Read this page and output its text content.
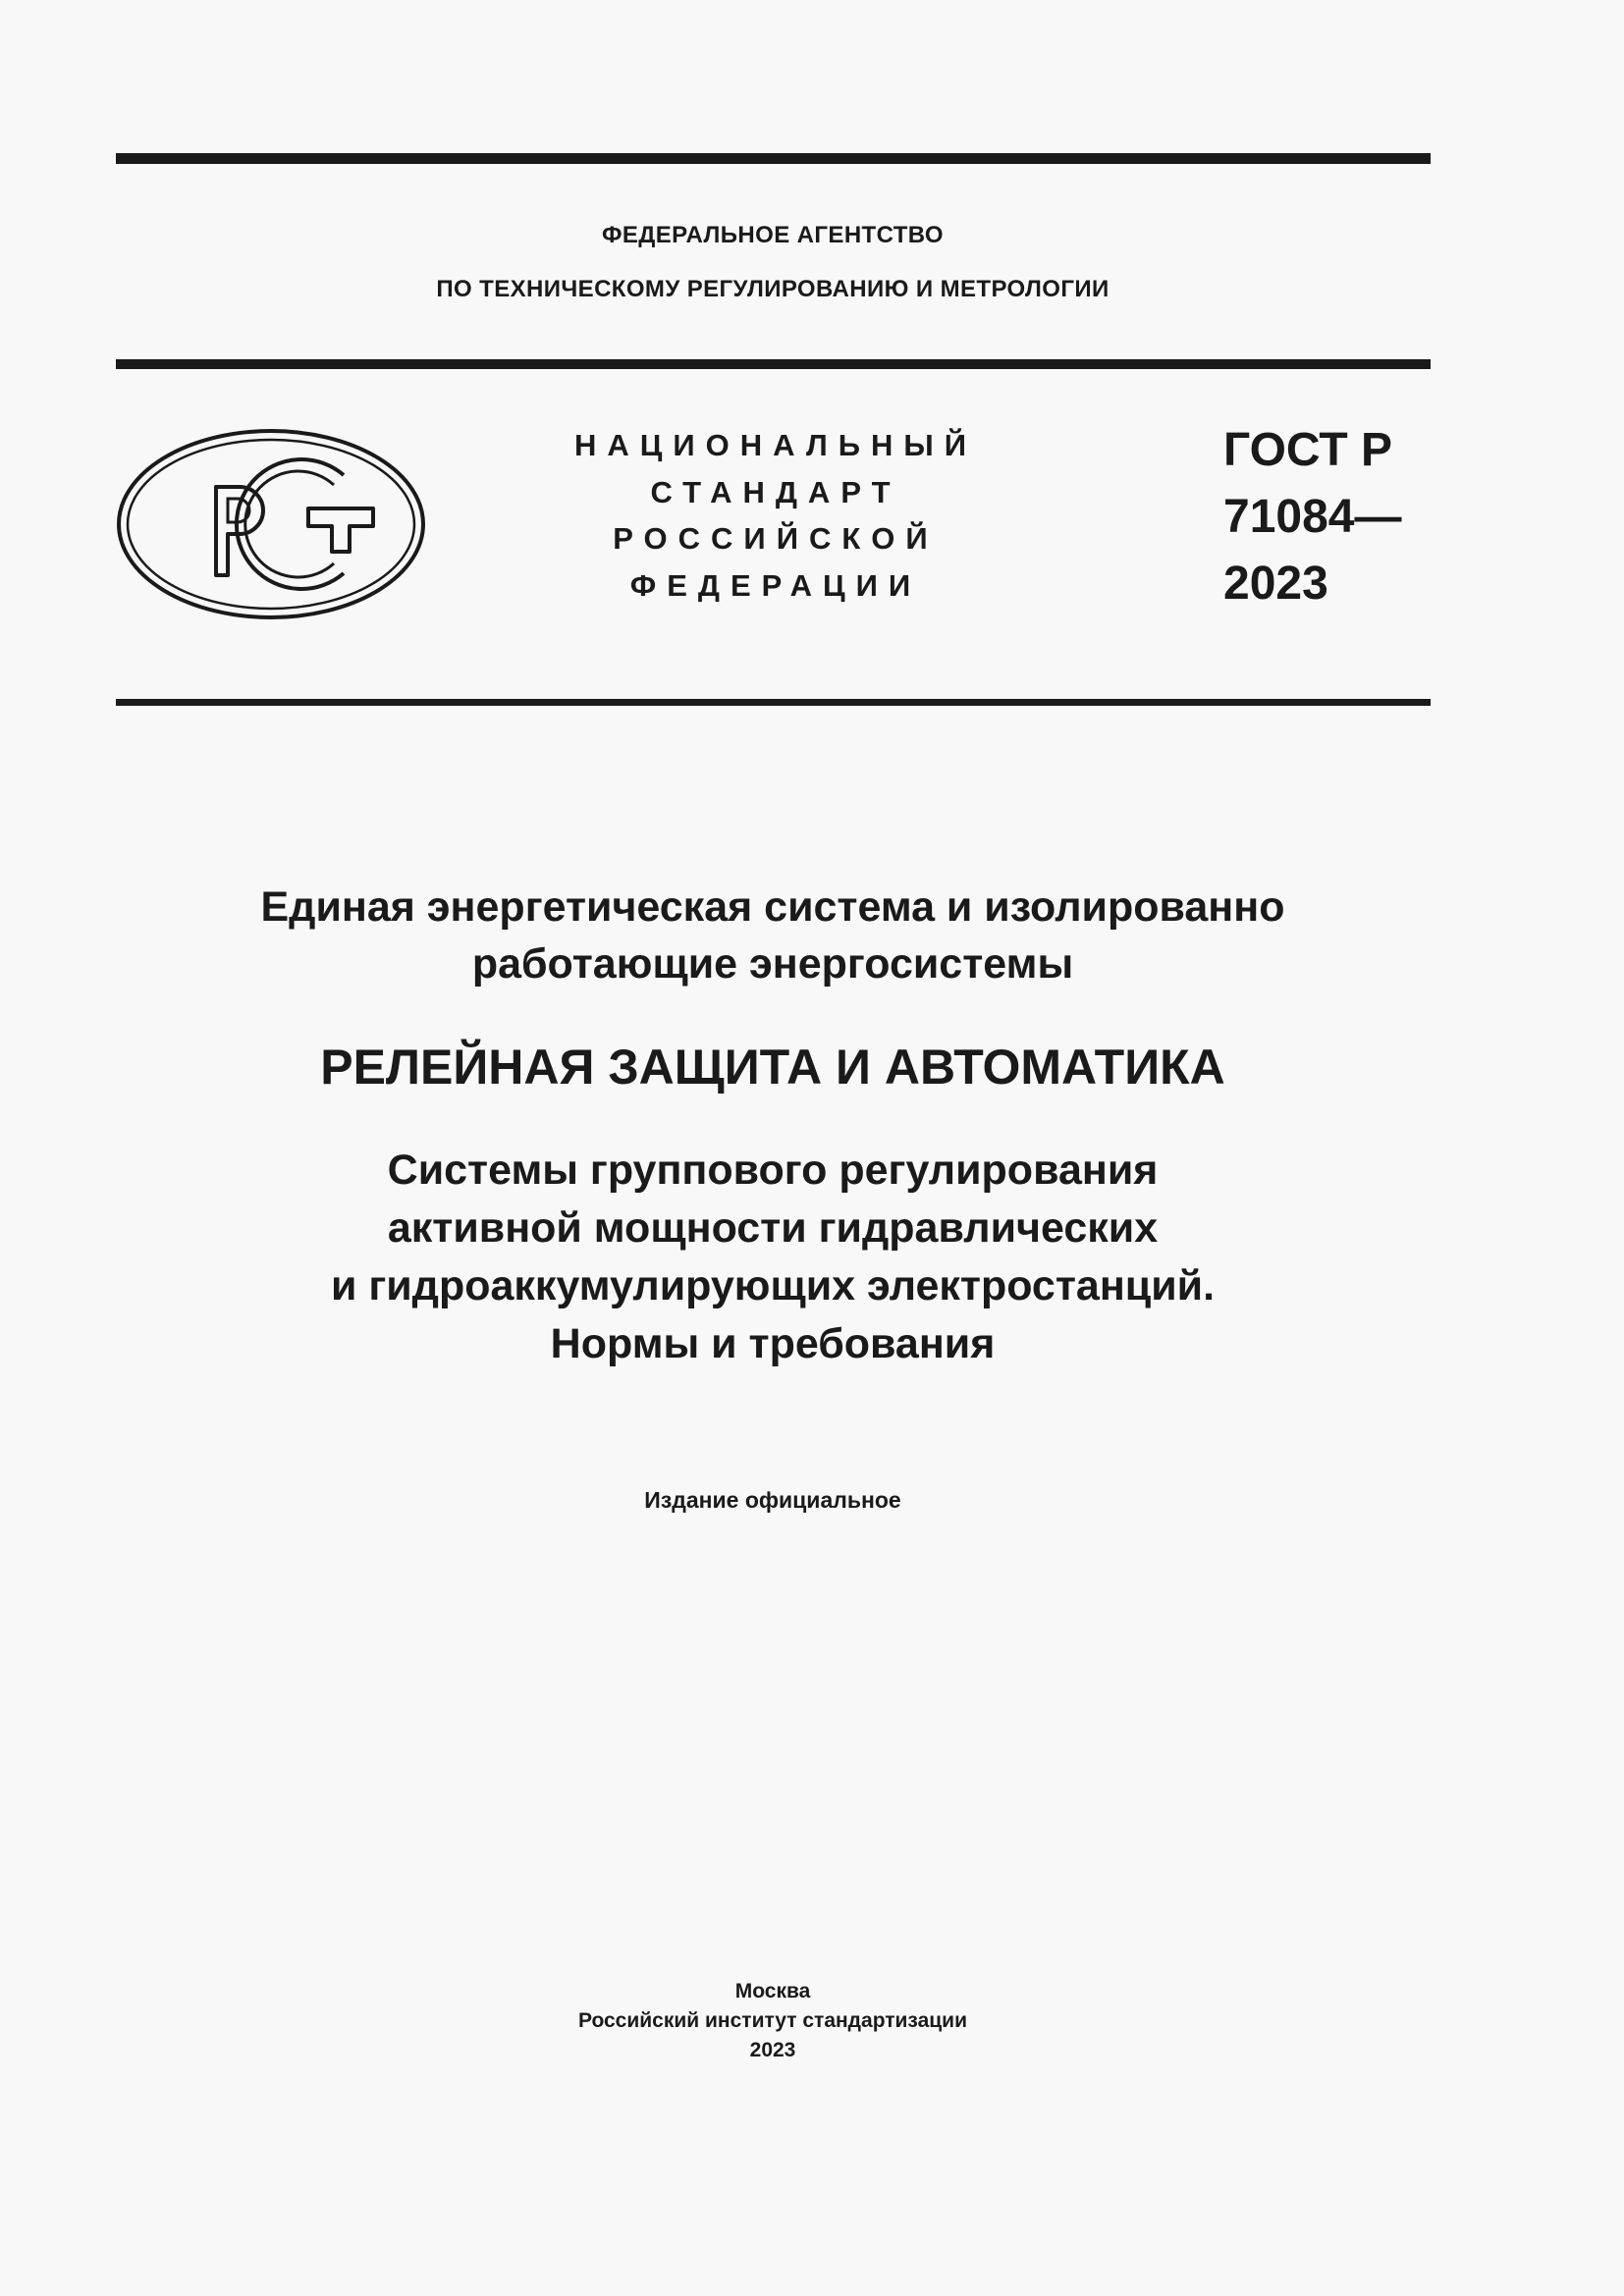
ФЕДЕРАЛЬНОЕ АГЕНТСТВО
ПО ТЕХНИЧЕСКОМУ РЕГУЛИРОВАНИЮ И МЕТРОЛОГИИ
НАЦИОНАЛЬНЫЙ
СТАНДАРТ
РОССИЙСКОЙ
ФЕДЕРАЦИИ
ГОСТ Р
71084—
2023
Единая энергетическая система и изолированно
работающие энергосистемы
РЕЛЕЙНАЯ ЗАЩИТА И АВТОМАТИКА
Системы группового регулирования
активной мощности гидравлических
и гидроаккумулирующих электростанций.
Нормы и требования
Издание официальное
Москва
Российский институт стандартизации
2023
